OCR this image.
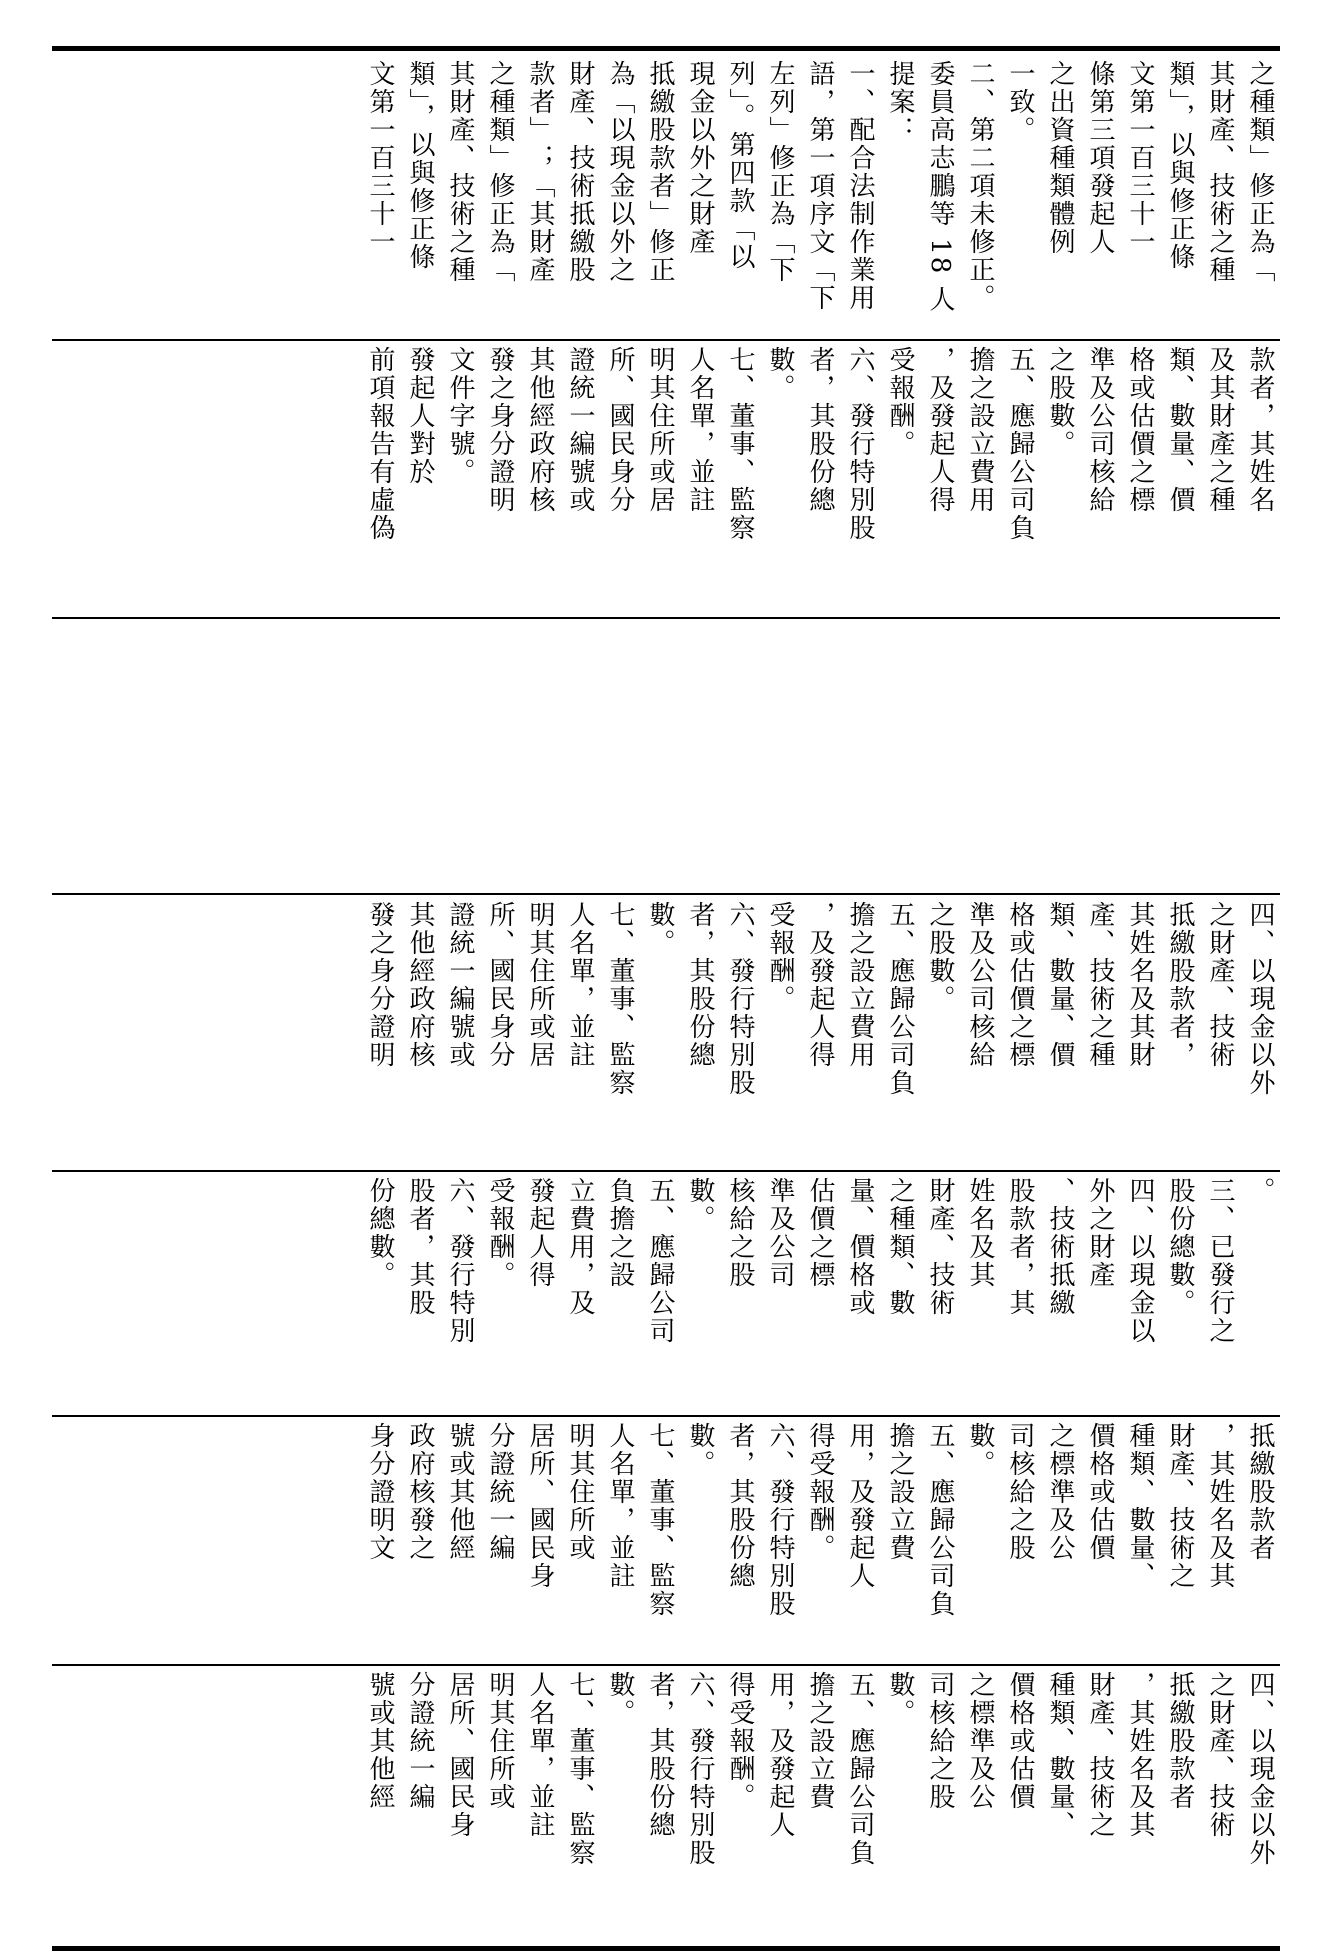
之種類」修正為「
其財產、技術之種
類」，以與修正條
文第一百三十一
條第三項發起人
之出資種類體例
一致。
二、第二項未修正。
委員高志鵬等 18 人
提案：
一、配合法制作業用
語，第一項序文「下
左列」修正為「下
列」。第四款「以
現金以外之財產
抵繳股款者」修正
為「以現金以外之
財產、技術抵繳股
款者」；「其財產
之種類」修正為「
其財產、技術之種
類」，以與修正條
文第一百三十一
款者，其姓名
及其財產之種
類、數量、價
格或估價之標
準及公司核給
之股數。
五、應歸公司負
擔之設立費用
，及發起人得
受報酬。
六、發行特別股
者，其股份總
數。
七、董事、監察
人名單，並註
明其住所或居
所、國民身分
證統一編號或
其他經政府核
發之身分證明
文件字號。
發起人對於
前項報告有虛偽
四、以現金以外
之財產、技術
抵繳股款者，
其姓名及其財
產、技術之種
類、數量、價
格或估價之標
準及公司核給
之股數。
五、應歸公司負
擔之設立費用
，及發起人得
受報酬。
六、發行特別股
者，其股份總
數。
七、董事、監察
人名單，並註
明其住所或居
所、國民身分
證統一編號或
其他經政府核
發之身分證明
。
三、已發行之
股份總數。
四、以現金以
外之財產
、技術抵繳
股款者，其
姓名及其
財產、技術
之種類、數
量、價格或
估價之標
準及公司
核給之股
數。
五、應歸公司
負擔之設
立費用，及
發起人得
受報酬。
六、發行特別
股者，其股
份總數。
抵繳股款者
，其姓名及其
財產、技術之
種類、數量、
價格或估價
之標準及公
司核給之股
數。
五、應歸公司負
擔之設立費
用，及發起人
得受報酬。
六、發行特別股
者，其股份總
數。
七、董事、監察
人名單，並註
明其住所或
居所、國民身
分證統一編
號或其他經
政府核發之
身分證明文
四、以現金以外
之財產、技術
抵繳股款者
，其姓名及其
財產、技術之
種類、數量、
價格或估價
之標準及公
司核給之股
數。
五、應歸公司負
擔之設立費
用，及發起人
得受報酬。
六、發行特別股
者，其股份總
數。
七、董事、監察
人名單，並註
明其住所或
居所、國民身
分證統一編
號或其他經
